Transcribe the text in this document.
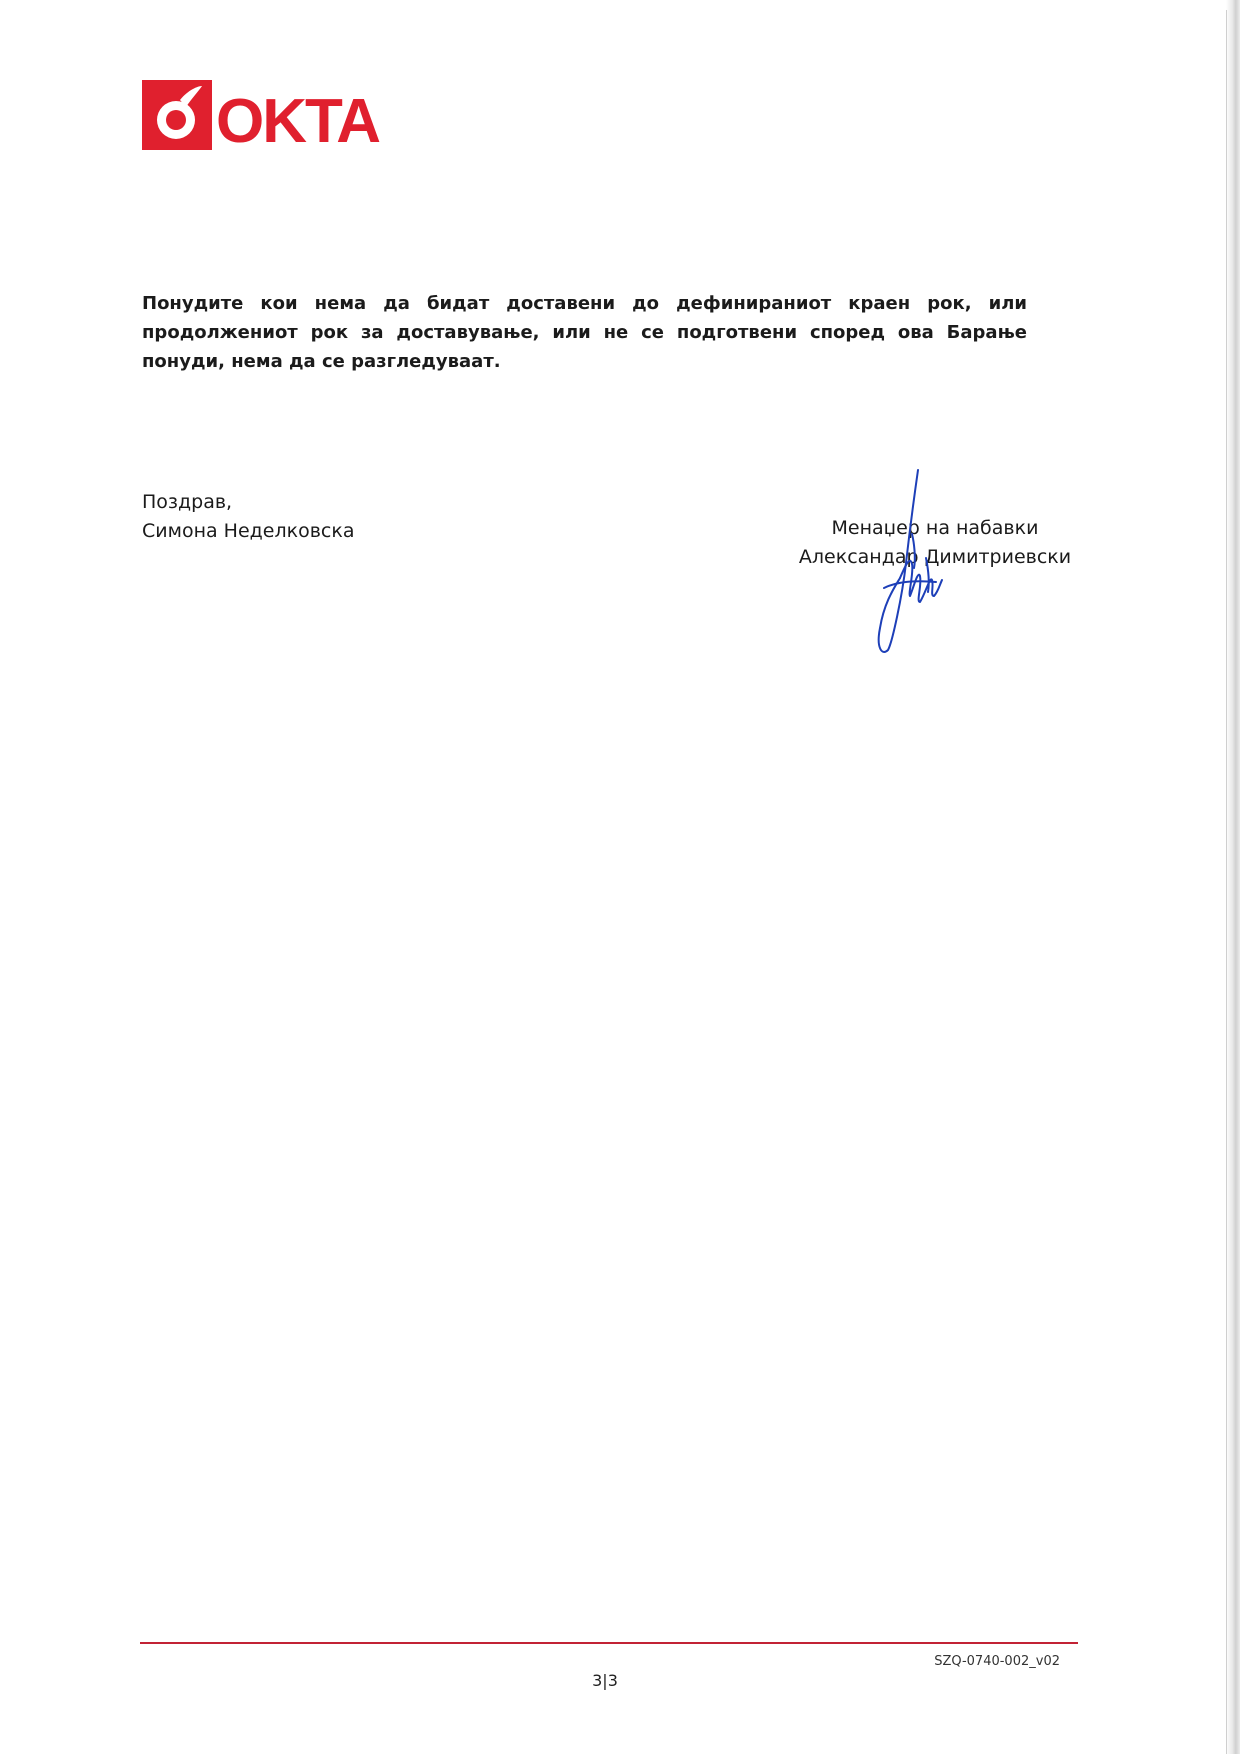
OKTA

Понудите кои нема да бидат доставени до дефинираниот краен рок, или продолжениот рок за доставување, или не се подготвени според ова Барање понуди, нема да се разгледуваат.

Поздрав,
Симона Неделковска	Менаџер на набавки
Александар Димитриевски
SZQ-0740-002_v02
3|3
